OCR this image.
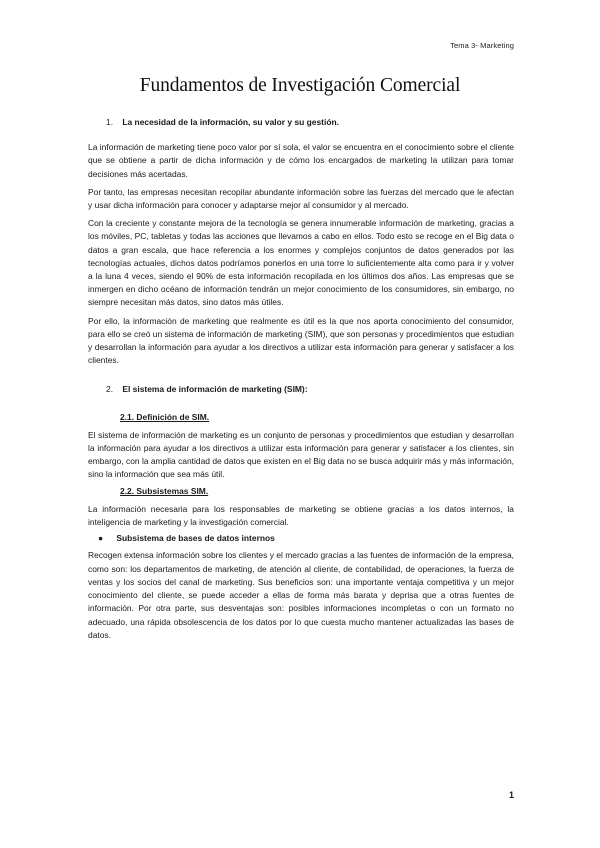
Tema 3- Marketing
Fundamentos de Investigación Comercial

1. La necesidad de la información, su valor y su gestión.

La información de marketing tiene poco valor por sí sola, el valor se encuentra en el conocimiento sobre el cliente que se obtiene a partir de dicha información y de cómo los encargados de marketing la utilizan para tomar decisiones más acertadas.

Por tanto, las empresas necesitan recopilar abundante información sobre las fuerzas del mercado que le afectan y usar dicha información para conocer y adaptarse mejor al consumidor y al mercado.

Con la creciente y constante mejora de la tecnología se genera innumerable información de marketing, gracias a los móviles, PC, tabletas y todas las acciones que llevamos a cabo en ellos. Todo esto se recoge en el Big data o datos a gran escala, que hace referencia a los enormes y complejos conjuntos de datos generados por las tecnologías actuales, dichos datos podríamos ponerlos en una torre lo suficientemente alta como para ir y volver a la luna 4 veces, siendo el 90% de esta información recopilada en los últimos dos años. Las empresas que se inmergen en dicho océano de información tendrán un mejor conocimiento de los consumidores, sin embargo, no siempre necesitan más datos, sino datos más útiles.

Por ello, la información de marketing que realmente es útil es la que nos aporta conocimiento del consumidor, para ello se creó un sistema de información de marketing (SIM), que son personas y procedimientos que estudian y desarrollan la información para ayudar a los directivos a utilizar esta información para generar y satisfacer a los clientes.

2. El sistema de información de marketing (SIM):

2.1. Definición de SIM.

El sistema de información de marketing es un conjunto de personas y procedimientos que estudian y desarrollan la información para ayudar a los directivos a utilizar esta información para generar y satisfacer a los clientes, sin embargo, con la amplia cantidad de datos que existen en el Big data no se busca adquirir más y más información, sino la información que sea más útil.

2.2. Subsistemas SIM.

La información necesaria para los responsables de marketing se obtiene gracias a los datos internos, la inteligencia de marketing y la investigación comercial.

● Subsistema de bases de datos internos

Recogen extensa información sobre los clientes y el mercado gracias a las fuentes de información de la empresa, como son: los departamentos de marketing, de atención al cliente, de contabilidad, de operaciones, la fuerza de ventas y los socios del canal de marketing. Sus beneficios son: una importante ventaja competitiva y un mejor conocimiento del cliente, se puede acceder a ellas de forma más barata y deprisa que a otras fuentes de información. Por otra parte, sus desventajas son: posibles informaciones incompletas o con un formato no adecuado, una rápida obsolescencia de los datos por lo que cuesta mucho mantener actualizadas las bases de datos.

1
